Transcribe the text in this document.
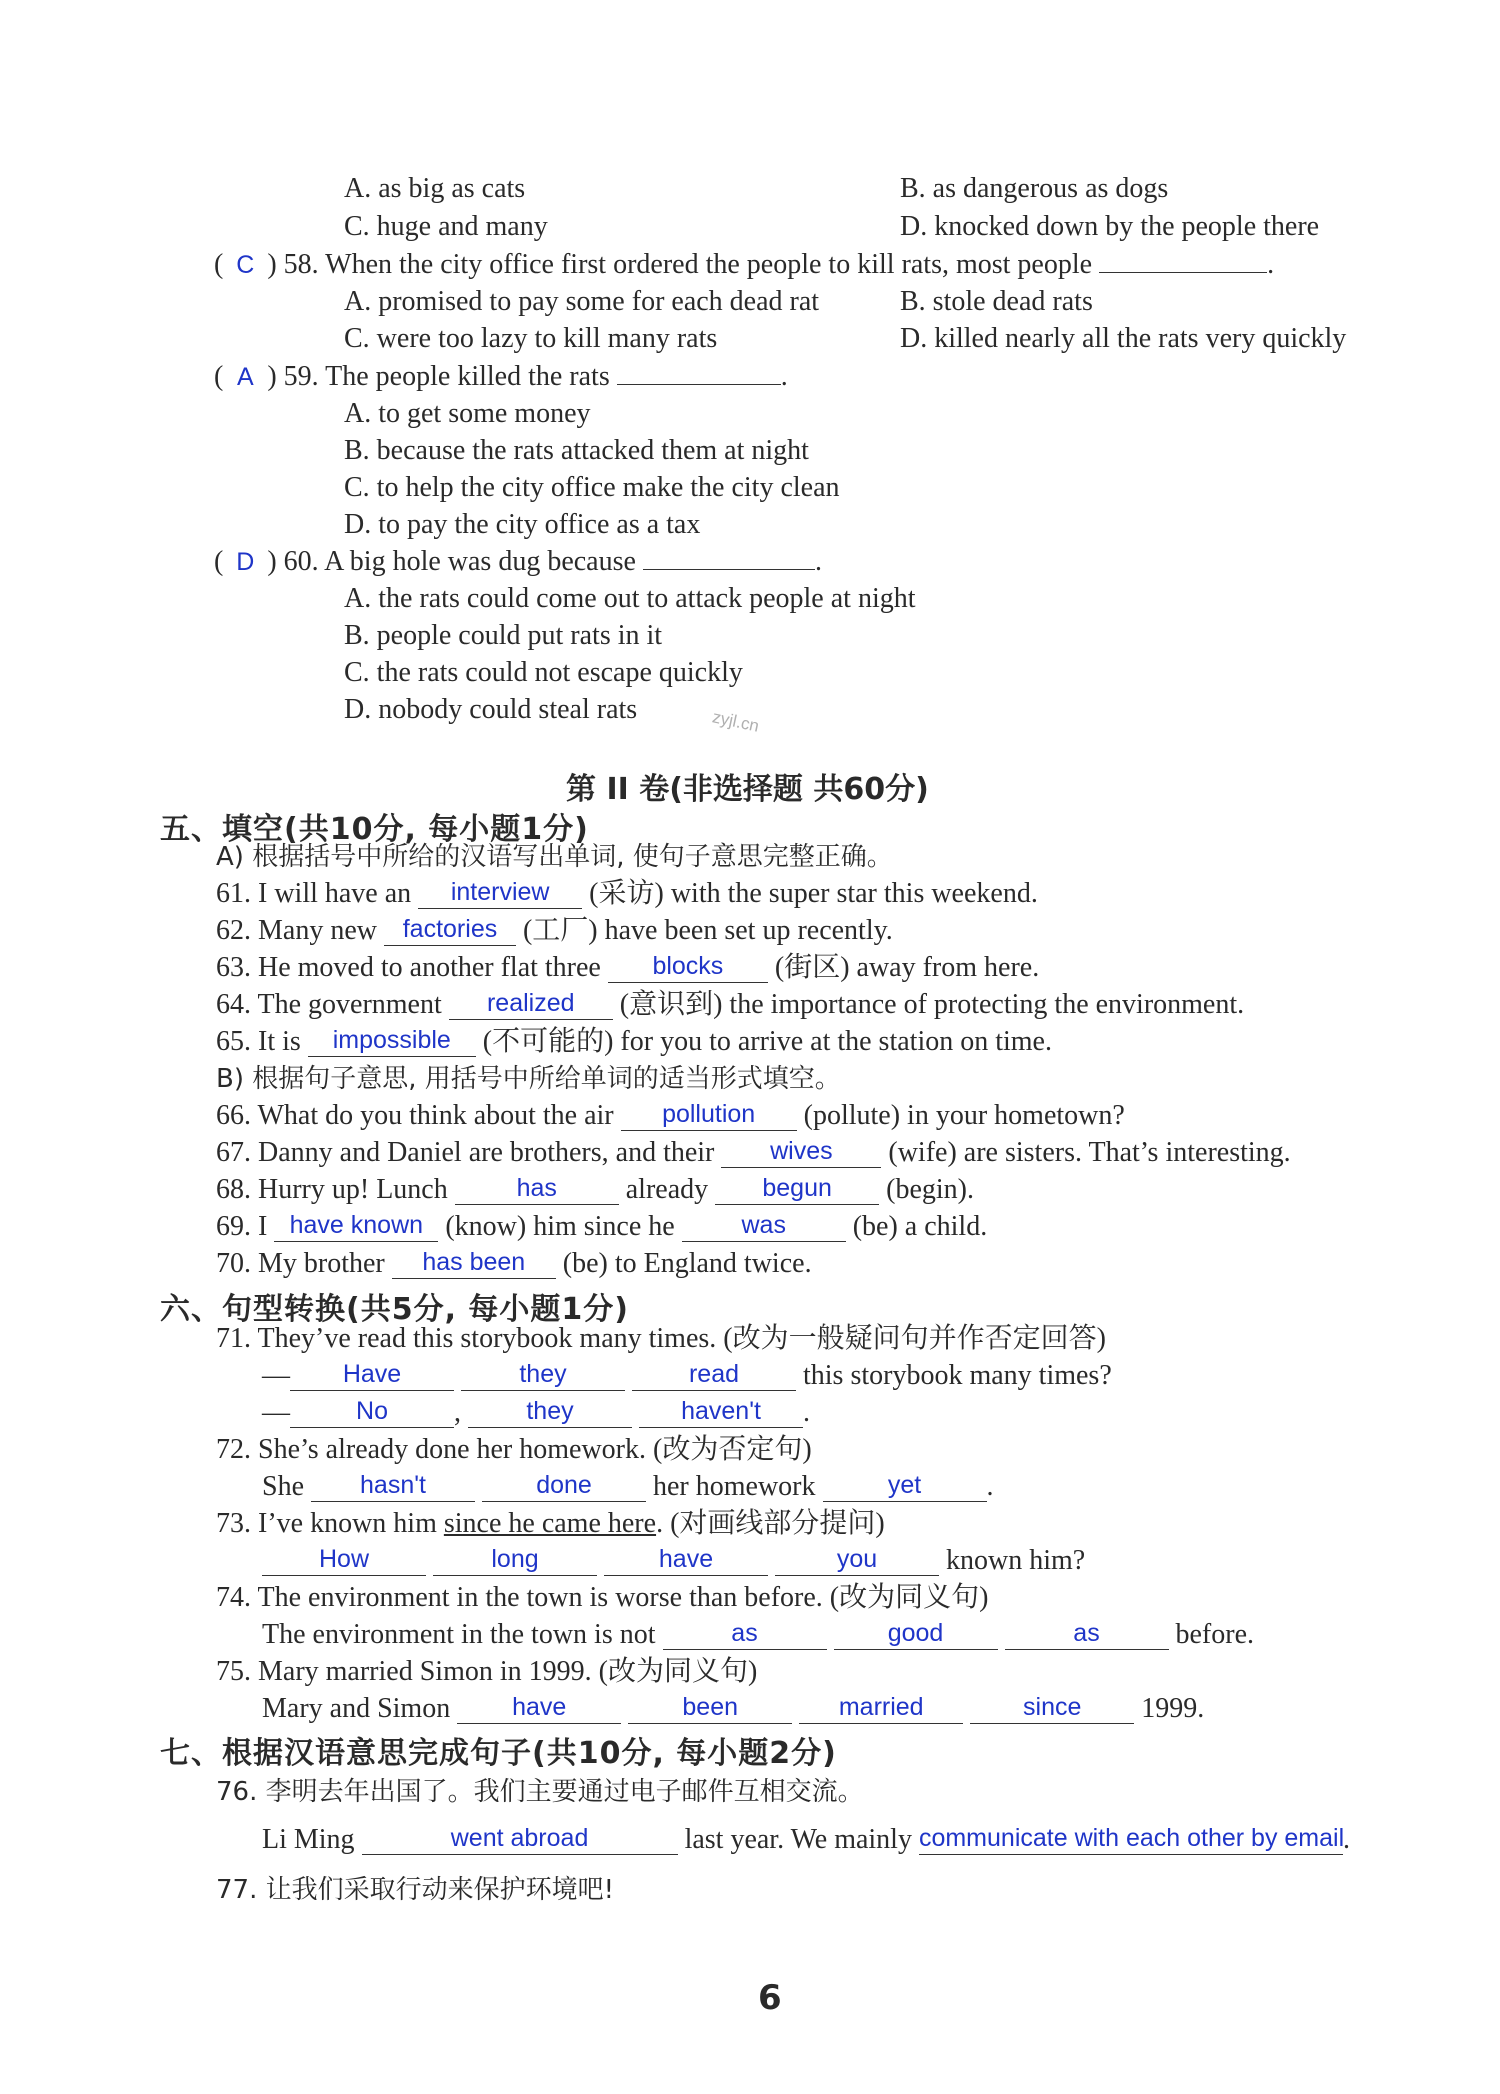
A. as big as cats	B. as dangerous as dogs
C. huge and many	D. knocked down by the people there
( C ) 58. When the city office first ordered the people to kill rats, most people	.
A. promised to pay some for each dead rat	B. stole dead rats
C. were too lazy to kill many rats	D. killed nearly all the rats very quickly
( A ) 59. The people killed the rats	.
A. to get some money
B. because the rats attacked them at night
C. to help the city office make the city clean
D. to pay the city office as a tax
( D ) 60. A big hole was dug because	.
A. the rats could come out to attack people at night
B. people could put rats in it
C. the rats could not escape quickly
D. nobody could steal rats	zyjl.cn
第 II 卷(非选择题 共60分)
五、填空(共10分, 每小题1分)
A) 根据括号中所给的汉语写出单词, 使句子意思完整正确。
61. I will have an interview (采访) with the super star this weekend.
62. Many new factories (工厂) have been set up recently.
63. He moved to another flat three blocks (街区) away from here.
64. The government realized (意识到) the importance of protecting the environment.
65. It is impossible (不可能的) for you to arrive at the station on time.
B) 根据句子意思, 用括号中所给单词的适当形式填空。
66. What do you think about the air pollution (pollute) in your hometown?
67. Danny and Daniel are brothers, and their wives (wife) are sisters. That’s interesting.
68. Hurry up! Lunch	has already begun (begin).
69. I have known (know) him since he	was (be) a child.
70. My brother has been (be) to England twice.
六、句型转换(共5分, 每小题1分)
71. They’ve read this storybook many times. (改为一般疑问句并作否定回答)
— Have	they	read this storybook many times?
—	No ,	they	haven't .
72. She’s already done her homework. (改为否定句)
She hasn't	done her homework	yet .
73. I’ve known him since he came here. (对画线部分提问)
How	long	have	you known him?
74. The environment in the town is worse than before. (改为同义句)
The environment in the town is not	as	good	as	before.
75. Mary married Simon in 1999. (改为同义句)
Mary and Simon have	been	married	since 1999.
七、根据汉语意思完成句子(共10分, 每小题2分)
76. 李明去年出国了。我们主要通过电子邮件互相交流。
Li Ming	went abroad	last year. We mainly communicate with each other by email.
77. 让我们采取行动来保护环境吧!
6
